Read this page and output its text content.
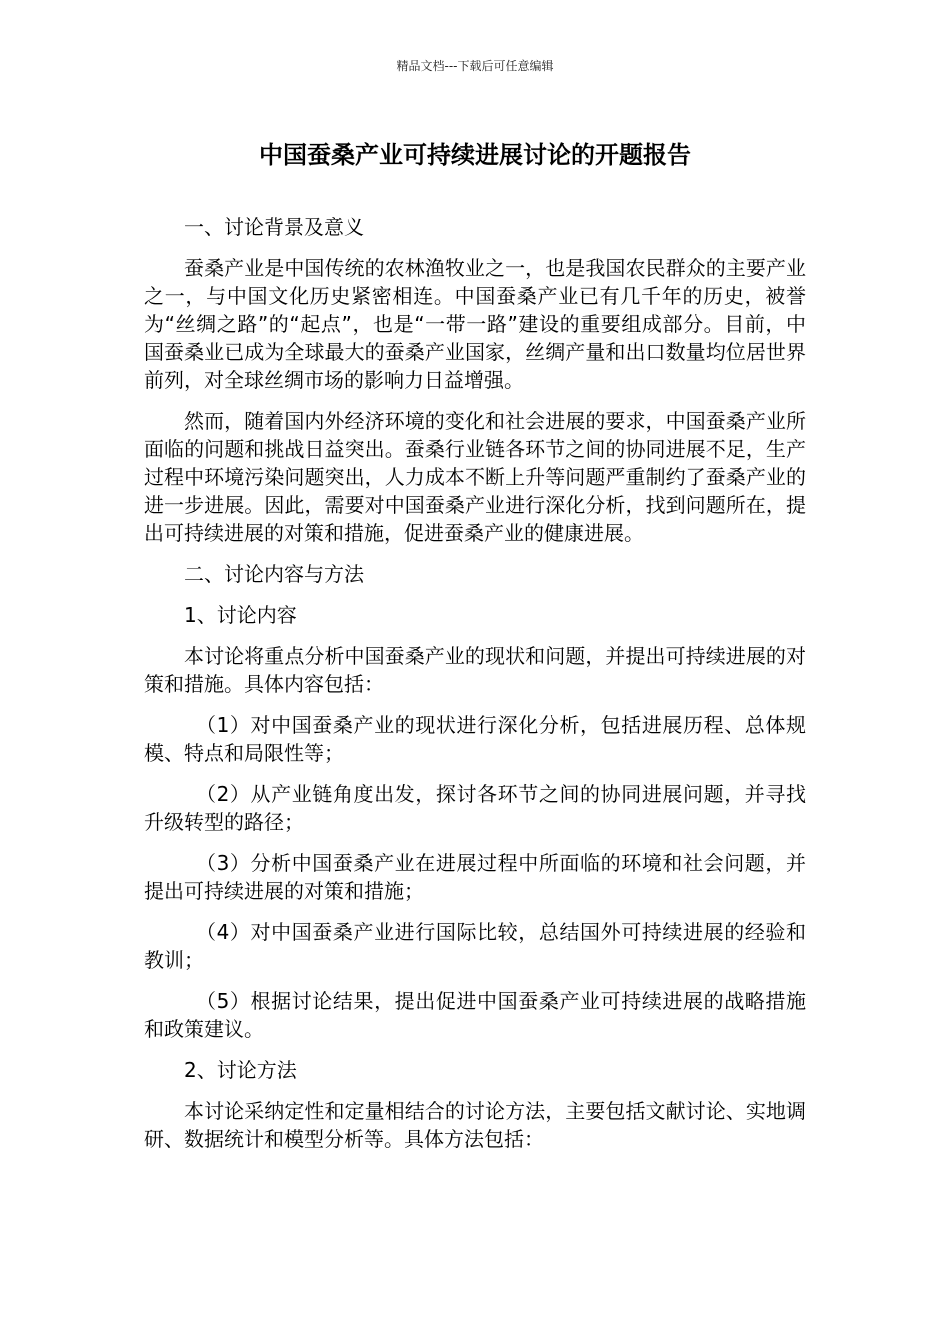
精品文档---下载后可任意编辑
中国蚕桑产业可持续进展讨论的开题报告

一、讨论背景及意义

蚕桑产业是中国传统的农林渔牧业之一，也是我国农民群众的主要产业之一，与中国文化历史紧密相连。中国蚕桑产业已有几千年的历史，被誉为“丝绸之路”的“起点”，也是“一带一路”建设的重要组成部分。目前，中国蚕桑业已成为全球最大的蚕桑产业国家，丝绸产量和出口数量均位居世界前列，对全球丝绸市场的影响力日益增强。

然而，随着国内外经济环境的变化和社会进展的要求，中国蚕桑产业所面临的问题和挑战日益突出。蚕桑行业链各环节之间的协同进展不足，生产过程中环境污染问题突出，人力成本不断上升等问题严重制约了蚕桑产业的进一步进展。因此，需要对中国蚕桑产业进行深化分析，找到问题所在，提出可持续进展的对策和措施，促进蚕桑产业的健康进展。

二、讨论内容与方法

1、讨论内容

本讨论将重点分析中国蚕桑产业的现状和问题，并提出可持续进展的对策和措施。具体内容包括：

（1）对中国蚕桑产业的现状进行深化分析，包括进展历程、总体规模、特点和局限性等；

（2）从产业链角度出发，探讨各环节之间的协同进展问题，并寻找升级转型的路径；

（3）分析中国蚕桑产业在进展过程中所面临的环境和社会问题，并提出可持续进展的对策和措施；

（4）对中国蚕桑产业进行国际比较，总结国外可持续进展的经验和教训；

（5）根据讨论结果，提出促进中国蚕桑产业可持续进展的战略措施和政策建议。

2、讨论方法

本讨论采纳定性和定量相结合的讨论方法，主要包括文献讨论、实地调研、数据统计和模型分析等。具体方法包括：
